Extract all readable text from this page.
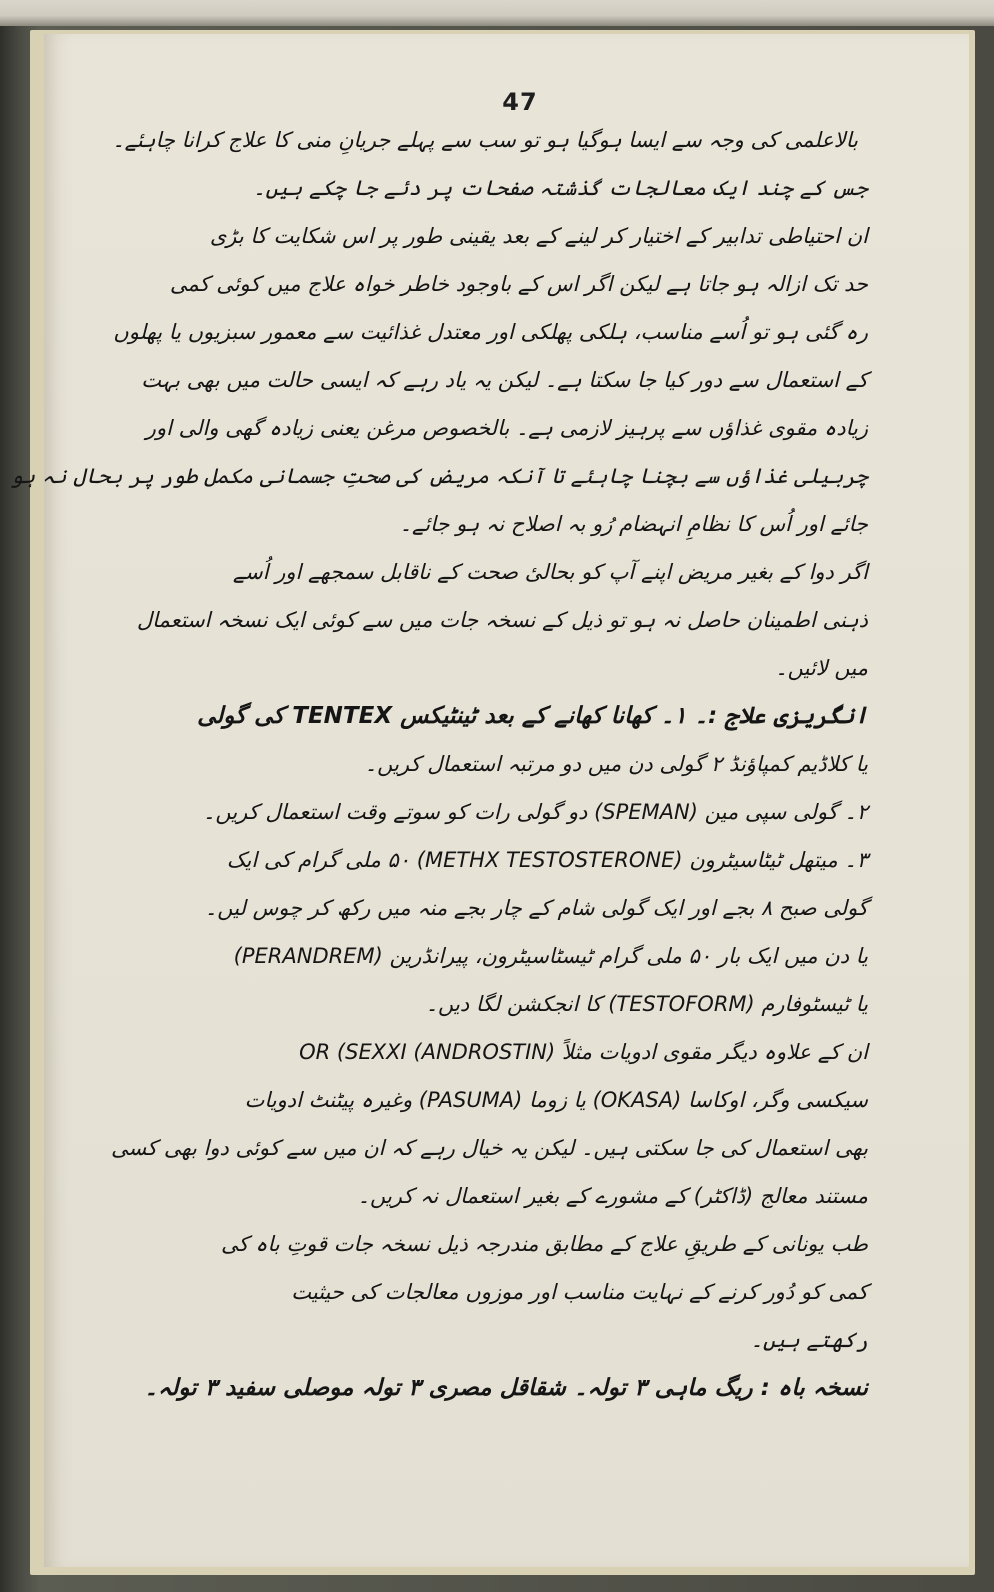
47
بالاعلمی کی وجہ سے ایسا ہوگیا ہو تو سب سے پہلے جریانِ منی کا علاج کرانا چاہئے۔
جس کے چند ایک معالجات گذشتہ صفحات پر دئے جا چکے ہیں۔
ان احتیاطی تدابیر کے اختیار کر لینے کے بعد یقینی طور پر اس شکایت کا بڑی
حد تک ازالہ ہو جاتا ہے لیکن اگر اس کے باوجود خاطر خواہ علاج میں کوئی کمی
رہ گئی ہو تو اُسے مناسب، ہلکی پھلکی اور معتدل غذائیت سے معمور سبزیوں یا پھلوں
کے استعمال سے دور کیا جا سکتا ہے۔ لیکن یہ یاد رہے کہ ایسی حالت میں بھی بہت
زیادہ مقوی غذاؤں سے پرہیز لازمی ہے۔ بالخصوص مرغن یعنی زیادہ گھی والی اور
چربیلی غذاؤں سے بچنا چاہئے تا آنکہ مریض کی صحتِ جسمانی مکمل طور پر بحال نہ ہو
جائے اور اُس کا نظامِ انہضام رُو بہ اصلاح نہ ہو جائے۔
اگر دوا کے بغیر مریض اپنے آپ کو بحالیٔ صحت کے ناقابل سمجھے اور اُسے
ذہنی اطمینان حاصل نہ ہو تو ذیل کے نسخہ جات میں سے کوئی ایک نسخہ استعمال
میں لائیں۔
انگریزی علاج :۔ ۱۔ کھانا کھانے کے بعد ٹینٹیکس TENTEX کی گولی
یا کلاڈیم کمپاؤنڈ ۲ گولی دن میں دو مرتبہ استعمال کریں۔
۲۔ گولی سپی مین (SPEMAN) دو گولی رات کو سوتے وقت استعمال کریں۔
۳۔ میتھل ٹیٹاسیٹرون (METHX TESTOSTERONE) ۵۰ ملی گرام کی ایک
گولی صبح ۸ بجے اور ایک گولی شام کے چار بجے منہ میں رکھ کر چوس لیں۔
یا دن میں ایک بار ۵۰ ملی گرام ٹیسٹاسیٹرون، پیرانڈرین (PERANDREM)
یا ٹیسٹوفارم (TESTOFORM) کا انجکشن لگا دیں۔
ان کے علاوہ دیگر مقوی ادویات مثلاً (ANDROSTIN) OR (SEXXI
سیکسی وگر، اوکاسا (OKASA) یا زوما (PASUMA) وغیرہ پیٹنٹ ادویات
بھی استعمال کی جا سکتی ہیں۔ لیکن یہ خیال رہے کہ ان میں سے کوئی دوا بھی کسی
مستند معالج (ڈاکٹر) کے مشورے کے بغیر استعمال نہ کریں۔
طب یونانی کے طریقِ علاج کے مطابق مندرجہ ذیل نسخہ جات قوتِ باہ کی
کمی کو دُور کرنے کے نہایت مناسب اور موزوں معالجات کی حیثیت
رکھتے ہیں۔
نسخہ باہ : ریگ ماہی ۳ تولہ۔ شقاقل مصری ۳ تولہ موصلی سفید ۳ تولہ۔
